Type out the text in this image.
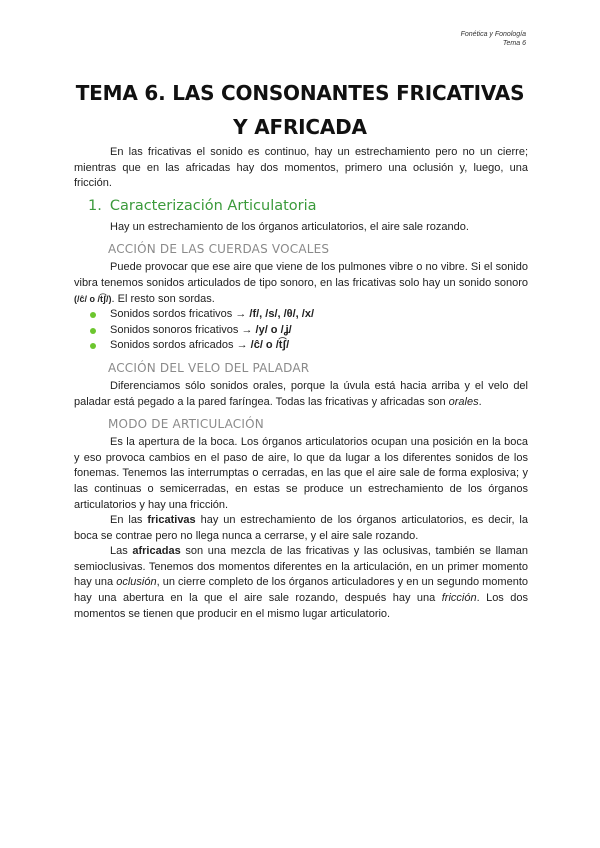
Fonética y Fonología
Tema 6
TEMA 6. LAS CONSONANTES FRICATIVAS Y AFRICADA

En las fricativas el sonido es continuo, hay un estrechamiento pero no un cierre; mientras que en las africadas hay dos momentos, primero una oclusión y, luego, una fricción.

1. Caracterización Articulatoria

Hay un estrechamiento de los órganos articulatorios, el aire sale rozando.

ACCIÓN DE LAS CUERDAS VOCALES

Puede provocar que ese aire que viene de los pulmones vibre o no vibre. Si el sonido vibra tenemos sonidos articulados de tipo sonoro, en las fricativas solo hay un sonido sonoro (/ĉ/ o /t͡ʃ/). El resto son sordas.

Sonidos sordos fricativos → /f/, /s/, /θ/, /x/
Sonidos sonoros fricativos → /y/ o /ʝ/
Sonidos sordos africados → /ĉ/ o /t͡ʃ/
ACCIÓN DEL VELO DEL PALADAR

Diferenciamos sólo sonidos orales, porque la úvula está hacia arriba y el velo del paladar está pegado a la pared faríngea. Todas las fricativas y africadas son orales.

MODO DE ARTICULACIÓN

Es la apertura de la boca. Los órganos articulatorios ocupan una posición en la boca y eso provoca cambios en el paso de aire, lo que da lugar a los diferentes sonidos de los fonemas. Tenemos las interrumptas o cerradas, en las que el aire sale de forma explosiva; y las continuas o semicerradas, en estas se produce un estrechamiento de los órganos articulatorios y hay una fricción.

En las fricativas hay un estrechamiento de los órganos articulatorios, es decir, la boca se contrae pero no llega nunca a cerrarse, y el aire sale rozando.

Las africadas son una mezcla de las fricativas y las oclusivas, también se llaman semioclusivas. Tenemos dos momentos diferentes en la articulación, en un primer momento hay una oclusión, un cierre completo de los órganos articuladores y en un segundo momento hay una abertura en la que el aire sale rozando, después hay una fricción. Los dos momentos se tienen que producir en el mismo lugar articulatorio.
